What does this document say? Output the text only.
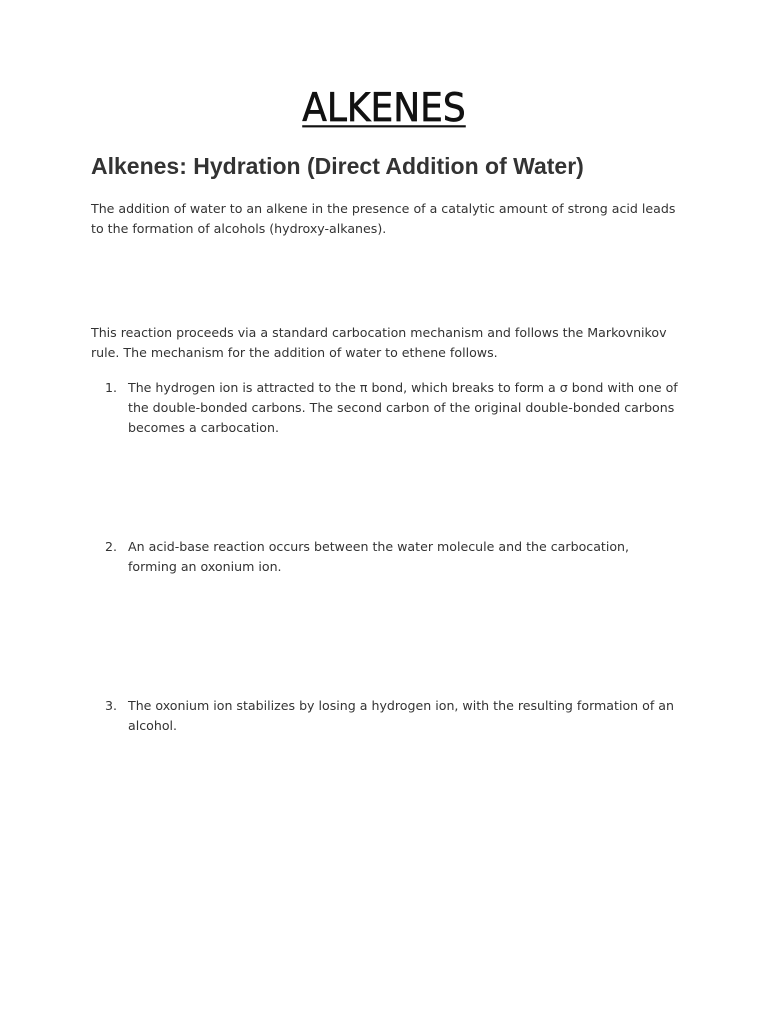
ALKENES
Alkenes: Hydration (Direct Addition of Water)
The addition of water to an alkene in the presence of a catalytic amount of strong acid leads to the formation of alcohols (hydroxy-alkanes).
This reaction proceeds via a standard carbocation mechanism and follows the Markovnikov rule. The mechanism for the addition of water to ethene follows.
1. The hydrogen ion is attracted to the π bond, which breaks to form a σ bond with one of the double-bonded carbons. The second carbon of the original double-bonded carbons becomes a carbocation.
2. An acid-base reaction occurs between the water molecule and the carbocation, forming an oxonium ion.
3. The oxonium ion stabilizes by losing a hydrogen ion, with the resulting formation of an alcohol.
